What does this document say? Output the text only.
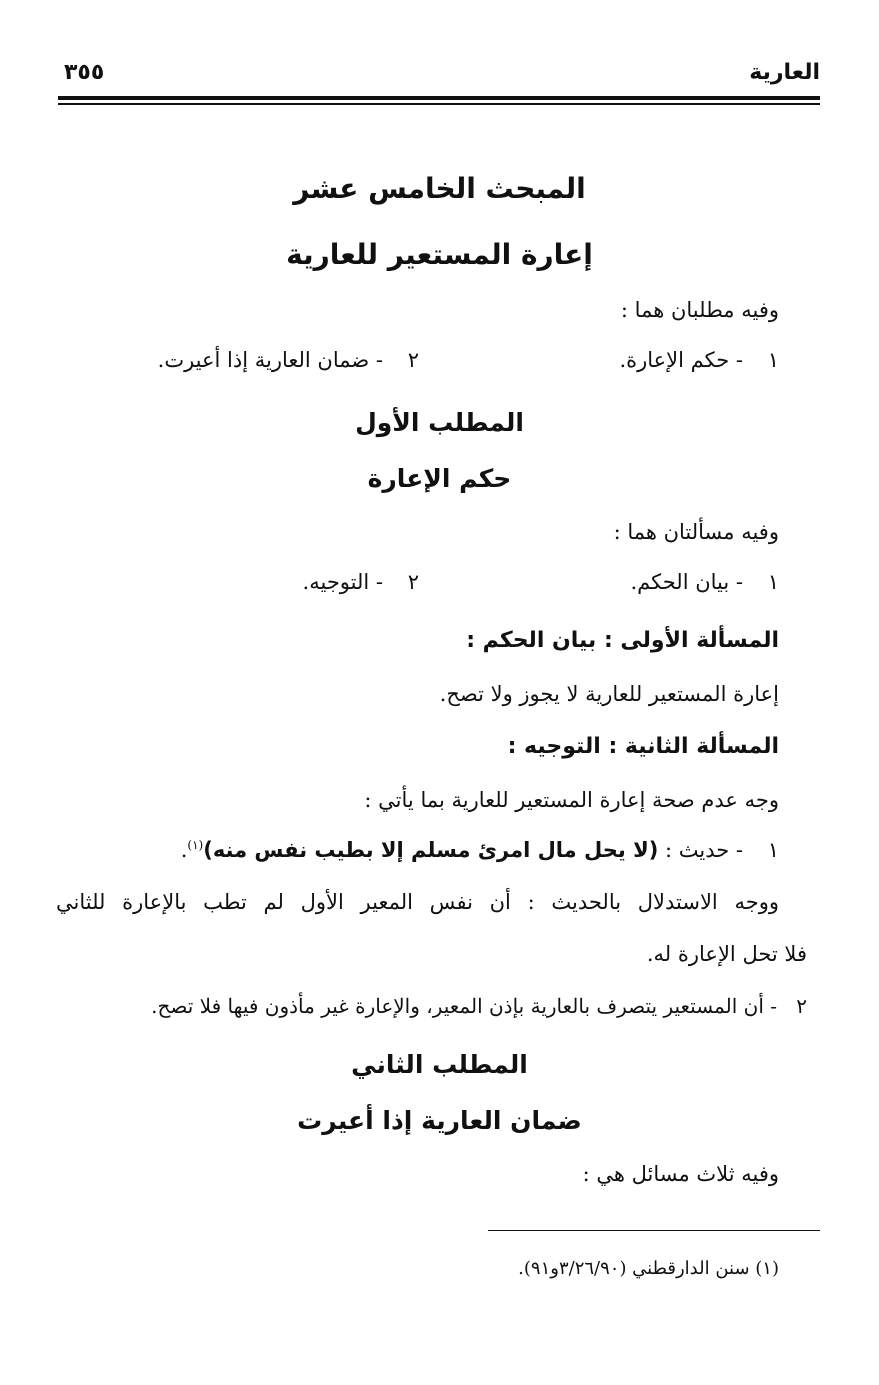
العارية
٣٥٥
المبحث الخامس عشر
إعارة المستعير للعارية
وفيه مطلبان هما :
١- حكم الإعارة.
٢- ضمان العارية إذا أعيرت.
المطلب الأول
حكم الإعارة
وفيه مسألتان هما :
١- بيان الحكم.
٢- التوجيه.
المسألة الأولى : بيان الحكم :
إعارة المستعير للعارية لا يجوز ولا تصح.
المسألة الثانية : التوجيه :
وجه عدم صحة إعارة المستعير للعارية بما يأتي :
١- حديث : (لا يحل مال امرئ مسلم إلا بطيب نفس منه)$^{(١)}$.
ووجه الاستدلال بالحديث : أن نفس المعير الأول لم تطب بالإعارة للثاني
فلا تحل الإعارة له.
٢- أن المستعير يتصرف بالعارية بإذن المعير، والإعارة غير مأذون فيها فلا تصح.
المطلب الثاني
ضمان العارية إذا أعيرت
وفيه ثلاث مسائل هي :
(١) سنن الدارقطني (٣/٢٦/٩٠و٩١).
